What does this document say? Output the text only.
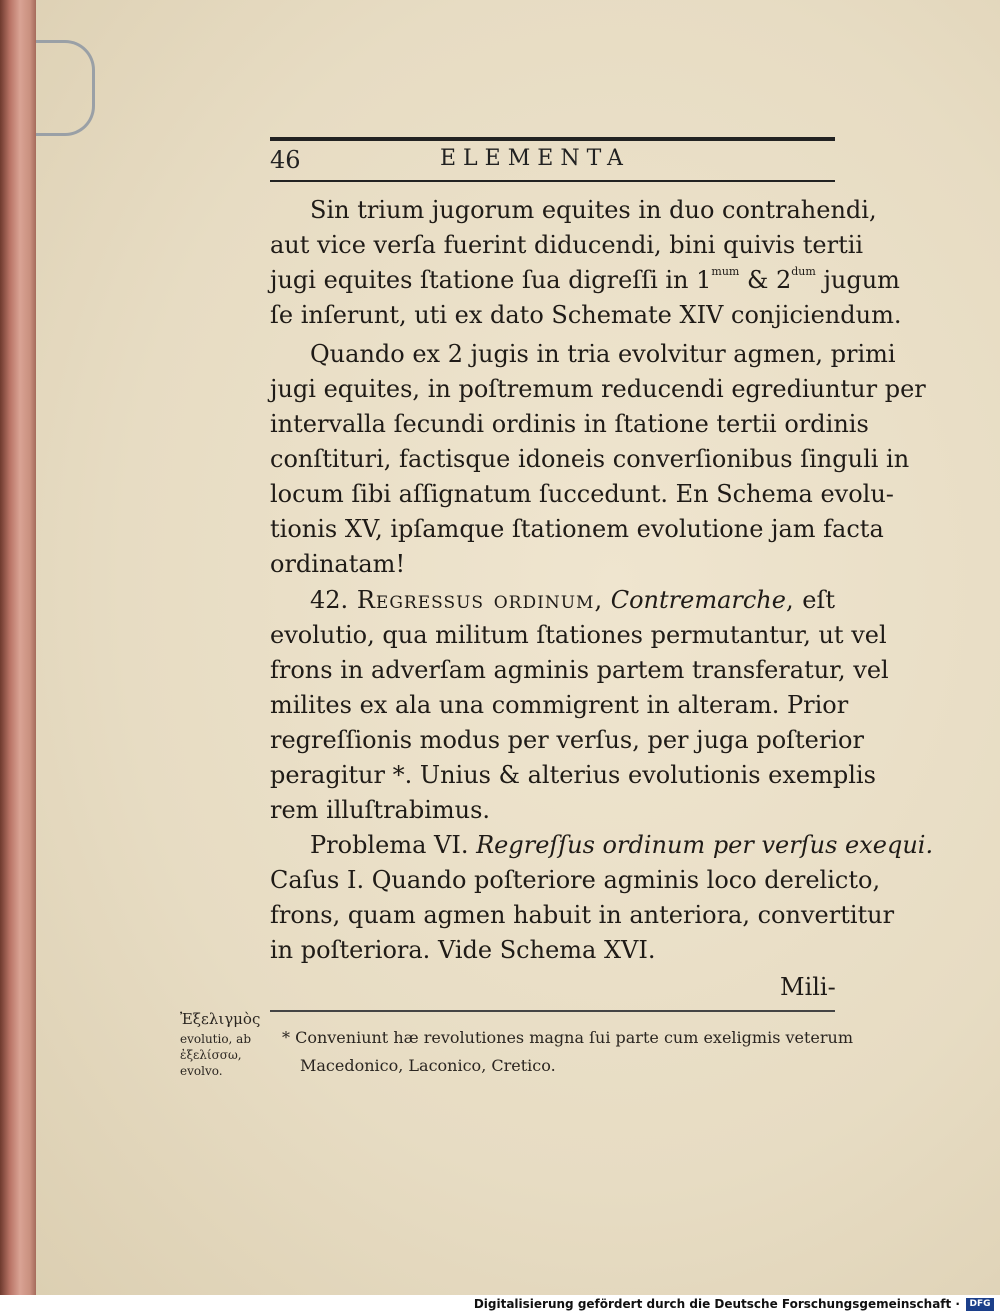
46	ELEMENTA
Sin trium jugorum equites in duo contrahendi,
aut vice verſa fuerint diducendi, bini quivis tertii
jugi equites ſtatione ſua digreſſi in $1^{mum}$ & $2^{dum}$ jugum
ſe inſerunt, uti ex dato Schemate XIV conjiciendum.
Quando ex 2 jugis in tria evolvitur agmen, primi
jugi equites, in poſtremum reducendi egrediuntur per
intervalla ſecundi ordinis in ſtatione tertii ordinis
conſtituri, factisque idoneis converſionibus ſinguli in
locum ſibi aſſignatum ſuccedunt. En Schema evolu-
tionis XV, ipſamque ſtationem evolutione jam facta
ordinatam!
42. Regressus ordinum, Contremarche, eſt
evolutio, qua militum ſtationes permutantur, ut vel
frons in adverſam agminis partem transferatur, vel
milites ex ala una commigrent in alteram. Prior
regreſſionis modus per verſus, per juga poſterior
peragitur *. Unius & alterius evolutionis exemplis
rem illuſtrabimus.
Problema VI. Regreſſus ordinum per verſus exequi.
Caſus I. Quando poſteriore agminis loco derelicto,
frons, quam agmen habuit in anteriora, convertitur
in poſteriora. Vide Schema XVI.
Mili-
* Conveniunt hæ revolutiones magna ſui parte cum exeligmis veterum
Macedonico, Laconico, Cretico.
Ἐξελιγμὸς
evolutio, ab
ἐξελίσσω,
evolvo.
Digitalisierung gefördert durch die Deutsche Forschungsgemeinschaft ·	DFG
